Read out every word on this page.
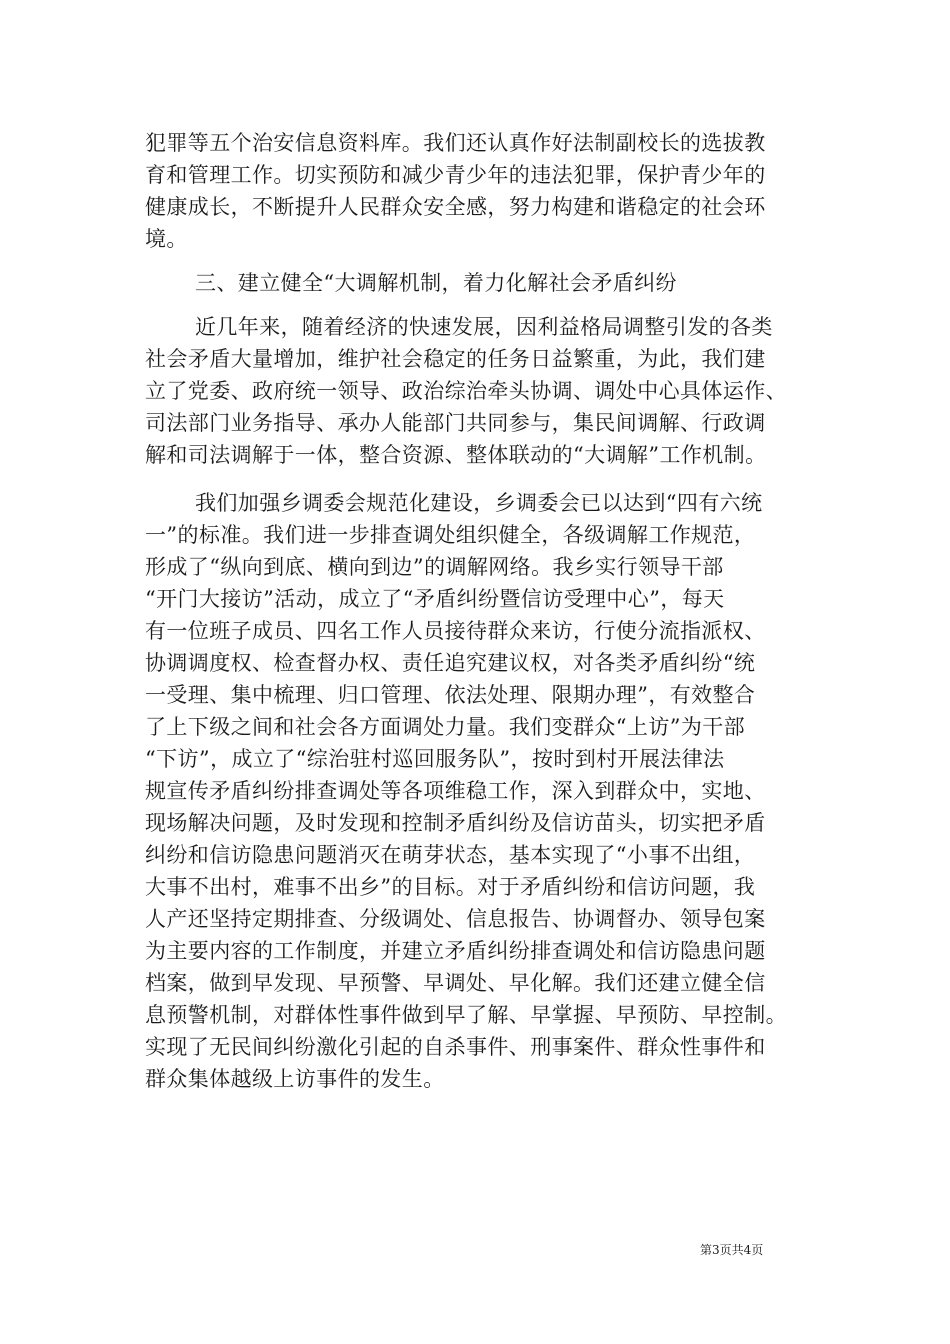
犯罪等五个治安信息资料库。我们还认真作好法制副校长的选拔教
育和管理工作。切实预防和减少青少年的违法犯罪，保护青少年的
健康成长，不断提升人民群众安全感，努力构建和谐稳定的社会环
境。
三、建立健全“大调解机制，着力化解社会矛盾纠纷
近几年来，随着经济的快速发展，因利益格局调整引发的各类
社会矛盾大量增加，维护社会稳定的任务日益繁重，为此，我们建
立了党委、政府统一领导、政治综治牵头协调、调处中心具体运作、
司法部门业务指导、承办人能部门共同参与，集民间调解、行政调
解和司法调解于一体，整合资源、整体联动的“大调解”工作机制。
我们加强乡调委会规范化建设，乡调委会已以达到“四有六统
一”的标准。我们进一步排查调处组织健全，各级调解工作规范，
形成了“纵向到底、横向到边”的调解网络。我乡实行领导干部
“开门大接访”活动，成立了“矛盾纠纷暨信访受理中心”，每天
有一位班子成员、四名工作人员接待群众来访，行使分流指派权、
协调调度权、检查督办权、责任追究建议权，对各类矛盾纠纷“统
一受理、集中梳理、归口管理、依法处理、限期办理”，有效整合
了上下级之间和社会各方面调处力量。我们变群众“上访”为干部
“下访”，成立了“综治驻村巡回服务队”，按时到村开展法律法
规宣传矛盾纠纷排查调处等各项维稳工作，深入到群众中，实地、
现场解决问题，及时发现和控制矛盾纠纷及信访苗头，切实把矛盾
纠纷和信访隐患问题消灭在萌芽状态，基本实现了“小事不出组，
大事不出村，难事不出乡”的目标。对于矛盾纠纷和信访问题，我
人产还坚持定期排查、分级调处、信息报告、协调督办、领导包案
为主要内容的工作制度，并建立矛盾纠纷排查调处和信访隐患问题
档案，做到早发现、早预警、早调处、早化解。我们还建立健全信
息预警机制，对群体性事件做到早了解、早掌握、早预防、早控制。
实现了无民间纠纷激化引起的自杀事件、刑事案件、群众性事件和
群众集体越级上访事件的发生。
第3页共4页
